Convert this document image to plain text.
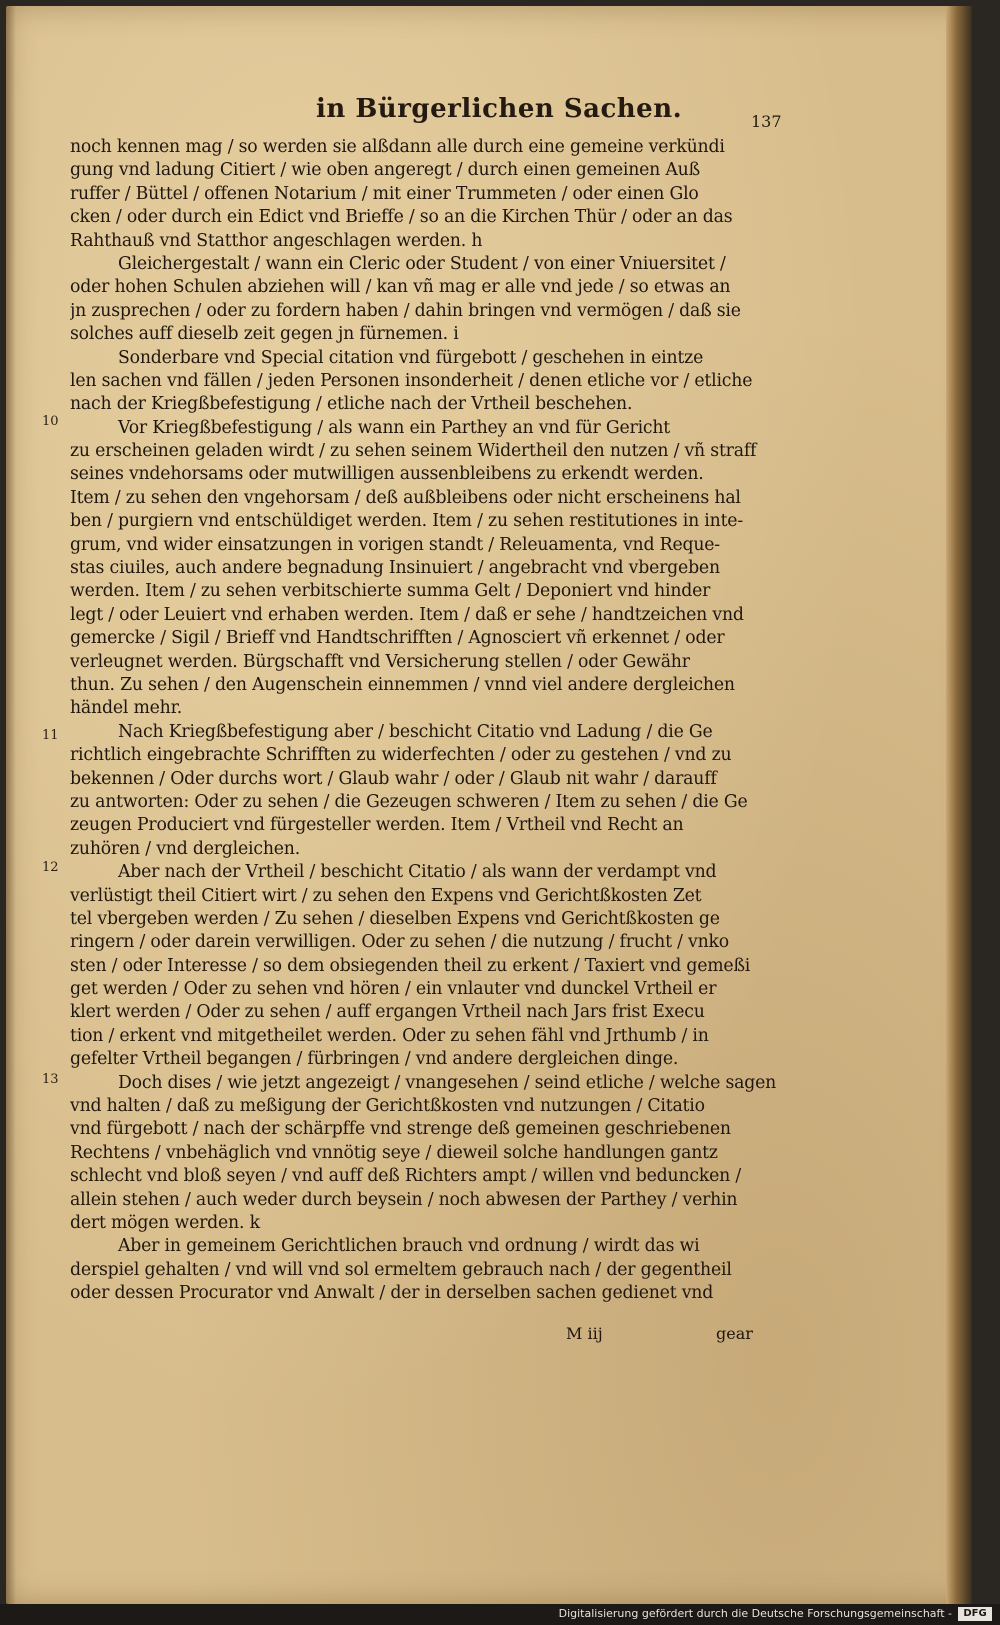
in Bürgerlichen Sachen.	137
10
11
12
13
noch kennen mag / so werden sie alßdann alle durch eine gemeine verkündi
gung vnd ladung Citiert / wie oben angeregt / durch einen gemeinen Auß
ruffer / Büttel / offenen Notarium / mit einer Trummeten / oder einen Glo
cken / oder durch ein Edict vnd Brieffe / so an die Kirchen Thür / oder an das
Rahthauß vnd Statthor angeschlagen werden. h
Gleichergestalt / wann ein Cleric oder Student / von einer Vniuersitet /
oder hohen Schulen abziehen will / kan vñ mag er alle vnd jede / so etwas an
jn zusprechen / oder zu fordern haben / dahin bringen vnd vermögen / daß sie
solches auff dieselb zeit gegen jn fürnemen. i
Sonderbare vnd Special citation vnd fürgebott / geschehen in eintze
len sachen vnd fällen / jeden Personen insonderheit / denen etliche vor / etliche
nach der Kriegßbefestigung / etliche nach der Vrtheil beschehen.
Vor Kriegßbefestigung / als wann ein Parthey an vnd für Gericht
zu erscheinen geladen wirdt / zu sehen seinem Widertheil den nutzen / vñ straff
seines vndehorsams oder mutwilligen aussenbleibens zu erkendt werden.
Item / zu sehen den vngehorsam / deß außbleibens oder nicht erscheinens hal
ben / purgiern vnd entschüldiget werden. Item / zu sehen restitutiones in inte-
grum, vnd wider einsatzungen in vorigen standt / Releuamenta, vnd Reque-
stas ciuiles, auch andere begnadung Insinuiert / angebracht vnd vbergeben
werden. Item / zu sehen verbitschierte summa Gelt / Deponiert vnd hinder
legt / oder Leuiert vnd erhaben werden. Item / daß er sehe / handtzeichen vnd
gemercke / Sigil / Brieff vnd Handtschrifften / Agnosciert vñ erkennet / oder
verleugnet werden. Bürgschafft vnd Versicherung stellen / oder Gewähr
thun. Zu sehen / den Augenschein einnemmen / vnnd viel andere dergleichen
händel mehr.
Nach Kriegßbefestigung aber / beschicht Citatio vnd Ladung / die Ge
richtlich eingebrachte Schrifften zu widerfechten / oder zu gestehen / vnd zu
bekennen / Oder durchs wort / Glaub wahr / oder / Glaub nit wahr / darauff
zu antworten: Oder zu sehen / die Gezeugen schweren / Item zu sehen / die Ge
zeugen Produciert vnd fürgesteller werden. Item / Vrtheil vnd Recht an
zuhören / vnd dergleichen.
Aber nach der Vrtheil / beschicht Citatio / als wann der verdampt vnd
verlüstigt theil Citiert wirt / zu sehen den Expens vnd Gerichtßkosten Zet
tel vbergeben werden / Zu sehen / dieselben Expens vnd Gerichtßkosten ge
ringern / oder darein verwilligen. Oder zu sehen / die nutzung / frucht / vnko
sten / oder Interesse / so dem obsiegenden theil zu erkent / Taxiert vnd gemeßi
get werden / Oder zu sehen vnd hören / ein vnlauter vnd dunckel Vrtheil er
klert werden / Oder zu sehen / auff ergangen Vrtheil nach Jars frist Execu
tion / erkent vnd mitgetheilet werden. Oder zu sehen fähl vnd Jrthumb / in
gefelter Vrtheil begangen / fürbringen / vnd andere dergleichen dinge.
Doch dises / wie jetzt angezeigt / vnangesehen / seind etliche / welche sagen
vnd halten / daß zu meßigung der Gerichtßkosten vnd nutzungen / Citatio
vnd fürgebott / nach der schärpffe vnd strenge deß gemeinen geschriebenen
Rechtens / vnbehäglich vnd vnnötig seye / dieweil solche handlungen gantz
schlecht vnd bloß seyen / vnd auff deß Richters ampt / willen vnd beduncken /
allein stehen / auch weder durch beysein / noch abwesen der Parthey / verhin
dert mögen werden. k
Aber in gemeinem Gerichtlichen brauch vnd ordnung / wirdt das wi
derspiel gehalten / vnd will vnd sol ermeltem gebrauch nach / der gegentheil
oder dessen Procurator vnd Anwalt / der in derselben sachen gedienet vnd
M iij	gear
Digitalisierung gefördert durch die Deutsche Forschungsgemeinschaft -	DFG
